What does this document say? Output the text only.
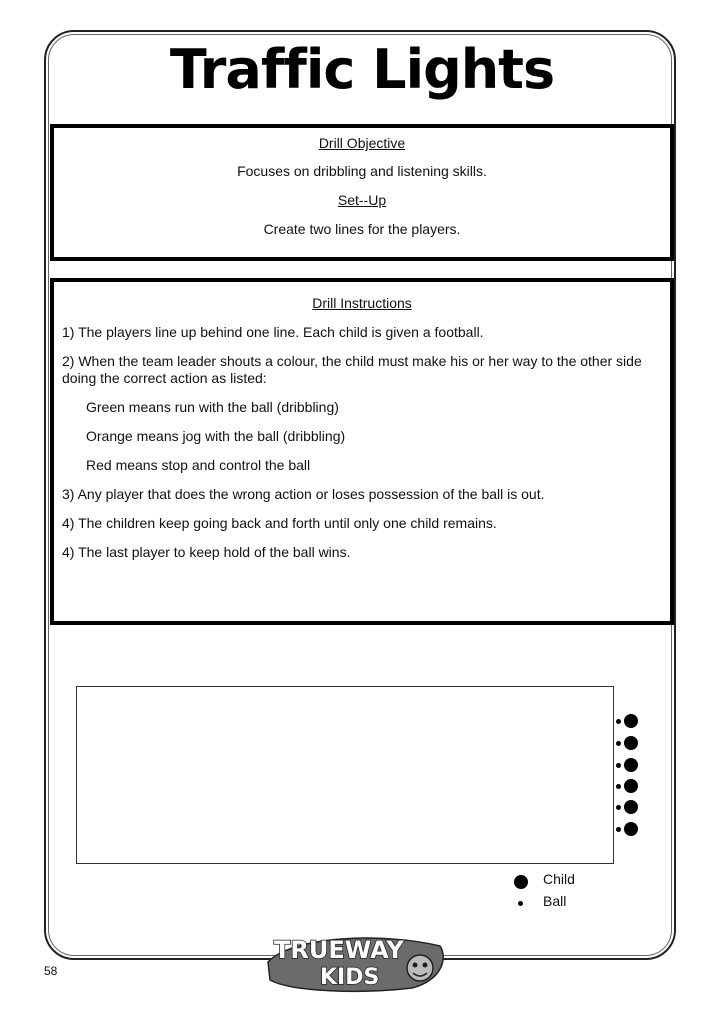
Traffic Lights
Drill Objective
Focuses on dribbling and listening skills.
Set--Up
Create two lines for the players.
Drill Instructions
1) The players line up behind one line. Each child is given a football.
2) When the team leader shouts a colour, the child must make his or her way to the other side
doing the correct action as listed:
Green means run with the ball (dribbling)
Orange means jog with the ball (dribbling)
Red means stop and control the ball
3) Any player that does the wrong action or loses possession of the ball is out.
4) The children keep going back and forth until only one child remains.
4) The last player to keep hold of the ball wins.
Child
Ball
TRUEWAY
KIDS
58
